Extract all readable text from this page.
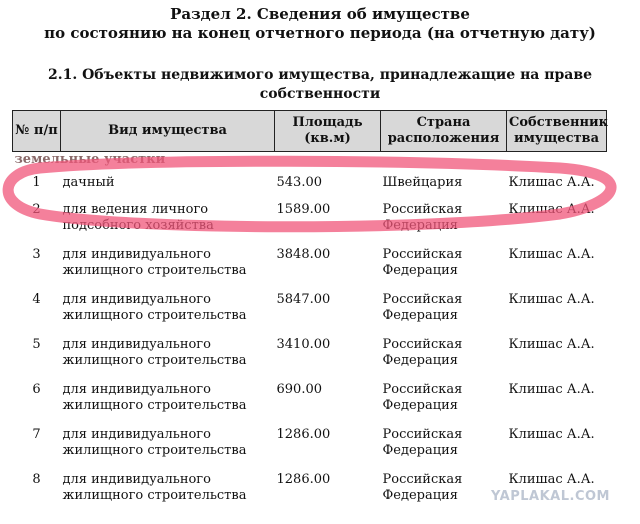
Раздел 2. Сведения об имуществе

по состоянию на конец отчетного периода (на отчетную дату)

2.1. Объекты недвижимого имущества, принадлежащие на праве собственности

№ п/п	Вид имущества	Площадь (кв.м)	Страна расположения	Собственник имущества
земельные участки				
1	дачный	543.00	Швейцария	Клишас А.А.
2	для ведения личного подсобного хозяйства	1589.00	Российская Федерация	Клишас А.А.
3	для индивидуального жилищного строительства	3848.00	Российская Федерация	Клишас А.А.
4	для индивидуального жилищного строительства	5847.00	Российская Федерация	Клишас А.А.
5	для индивидуального жилищного строительства	3410.00	Российская Федерация	Клишас А.А.
6	для индивидуального жилищного строительства	690.00	Российская Федерация	Клишас А.А.
7	для индивидуального жилищного строительства	1286.00	Российская Федерация	Клишас А.А.
8	для индивидуального жилищного строительства	1286.00	Российская Федерация	Клишас А.А.
YAPLAKAL.COM
